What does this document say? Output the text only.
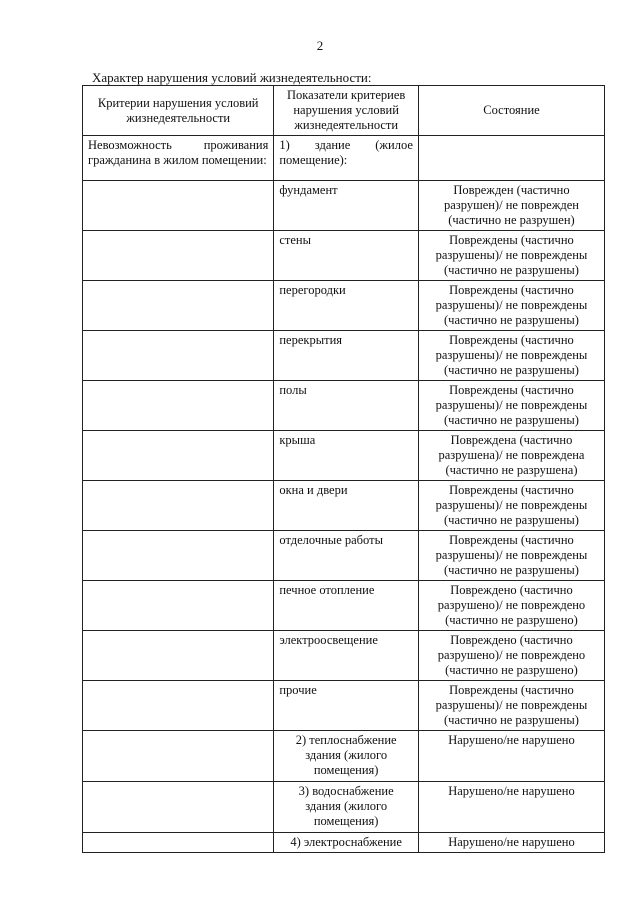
2
Характер нарушения условий жизнедеятельности:
Критерии нарушения условий жизнедеятельности	Показатели критериев нарушения условий жизнедеятельности	Состояние
Невозможность проживания гражданина в жилом помещении:	1) здание (жилое помещение):	
	фундамент	Поврежден (частично разрушен)/ не поврежден (частично не разрушен)
	стены	Повреждены (частично разрушены)/ не повреждены (частично не разрушены)
	перегородки	Повреждены (частично разрушены)/ не повреждены (частично не разрушены)
	перекрытия	Повреждены (частично разрушены)/ не повреждены (частично не разрушены)
	полы	Повреждены (частично разрушены)/ не повреждены (частично не разрушены)
	крыша	Повреждена (частично разрушена)/ не повреждена (частично не разрушена)
	окна и двери	Повреждены (частично разрушены)/ не повреждены (частично не разрушены)
	отделочные работы	Повреждены (частично разрушены)/ не повреждены (частично не разрушены)
	печное отопление	Повреждено (частично разрушено)/ не повреждено (частично не разрушено)
	электроосвещение	Повреждено (частично разрушено)/ не повреждено (частично не разрушено)
	прочие	Повреждены (частично разрушены)/ не повреждены (частично не разрушены)
	2) теплоснабжение здания (жилого помещения)	Нарушено/не нарушено
	3) водоснабжение здания (жилого помещения)	Нарушено/не нарушено
	4) электроснабжение	Нарушено/не нарушено
